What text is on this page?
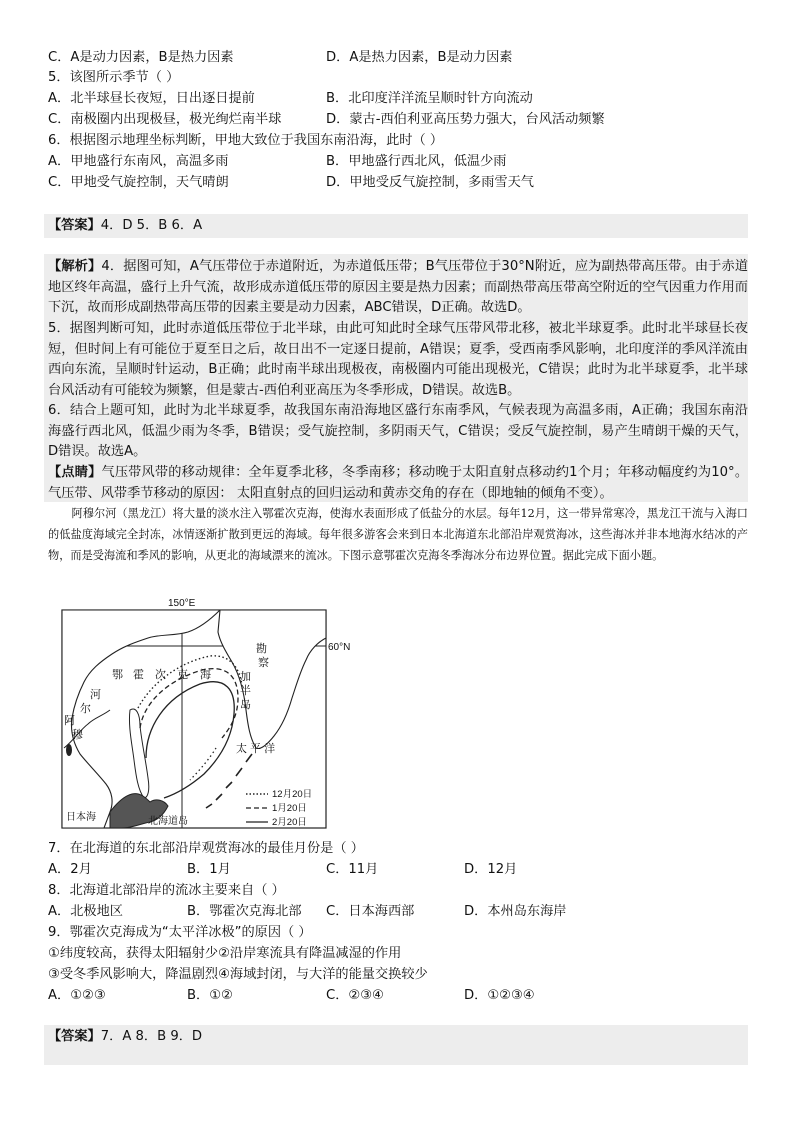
C．A是动力因素，B是热力因素	D．A是热力因素，B是动力因素
5．该图所示季节（ ）
A．北半球昼长夜短，日出逐日提前	B．北印度洋洋流呈顺时针方向流动
C．南极圈内出现极昼，极光绚烂南半球	D．蒙古-西伯利亚高压势力强大，台风活动频繁
6．根据图示地理坐标判断，甲地大致位于我国东南沿海，此时（ ）
A．甲地盛行东南风，高温多雨	B．甲地盛行西北风，低温少雨
C．甲地受气旋控制，天气晴朗	D．甲地受反气旋控制，多雨雪天气
【答案】4．D 5．B 6．A
【解析】4．据图可知，A气压带位于赤道附近，为赤道低压带；B气压带位于30°N附近，应为副热带高压带。由于赤道地区终年高温，盛行上升气流，故形成赤道低压带的原因主要是热力因素；而副热带高压带高空附近的空气因重力作用而下沉，故而形成副热带高压带的因素主要是动力因素，ABC错误，D正确。故选D。
5．据图判断可知，此时赤道低压带位于北半球，由此可知此时全球气压带风带北移，被北半球夏季。此时北半球昼长夜短，但时间上有可能位于夏至日之后，故日出不一定逐日提前，A错误；夏季，受西南季风影响，北印度洋的季风洋流由西向东流，呈顺时针运动，B正确；此时南半球出现极夜，南极圈内可能出现极光，C错误；此时为北半球夏季，北半球台风活动有可能较为频繁，但是蒙古-西伯利亚高压为冬季形成，D错误。故选B。
6．结合上题可知，此时为北半球夏季，故我国东南沿海地区盛行东南季风，气候表现为高温多雨，A正确；我国东南沿海盛行西北风，低温少雨为冬季，B错误；受气旋控制，多阴雨天气，C错误；受反气旋控制，易产生晴朗干燥的天气，D错误。故选A。
【点睛】气压带风带的移动规律：全年夏季北移，冬季南移；移动晚于太阳直射点移动约1个月；年移动幅度约为10°。气压带、风带季节移动的原因： 太阳直射点的回归运动和黄赤交角的存在（即地轴的倾角不变）。
阿穆尔河（黑龙江）将大量的淡水注入鄂霍次克海，使海水表面形成了低盐分的水层。每年12月，这一带异常寒冷，黑龙江干流与入海口的低盐度海域完全封冻，冰情逐渐扩散到更远的海域。每年很多游客会来到日本北海道东北部沿岸观赏海冰，这些海冰并非本地海水结冰的产物，而是受海流和季风的影响，从更北的海域漂来的流冰。下图示意鄂霍次克海冬季海冰分布边界位置。据此完成下面小题。
150°E
60°N
鄂 霍 次 克 海
勘
察
加
半
岛
河
尔
穆
阿
太 平 洋
日本海	北海道岛
12月20日
1月20日
2月20日
7．在北海道的东北部沿岸观赏海冰的最佳月份是（ ）
A．2月	B．1月	C．11月	D．12月
8．北海道北部沿岸的流冰主要来自（ ）
A．北极地区	B．鄂霍次克海北部 C．日本海西部	D．本州岛东海岸
9．鄂霍次克海成为“太平洋冰极”的原因（ ）
①纬度较高，获得太阳辐射少②沿岸寒流具有降温减湿的作用
③受冬季风影响大，降温剧烈④海域封闭，与大洋的能量交换较少
A．①②③	B．①②	C．②③④	D．①②③④
【答案】7．A 8．B 9．D
